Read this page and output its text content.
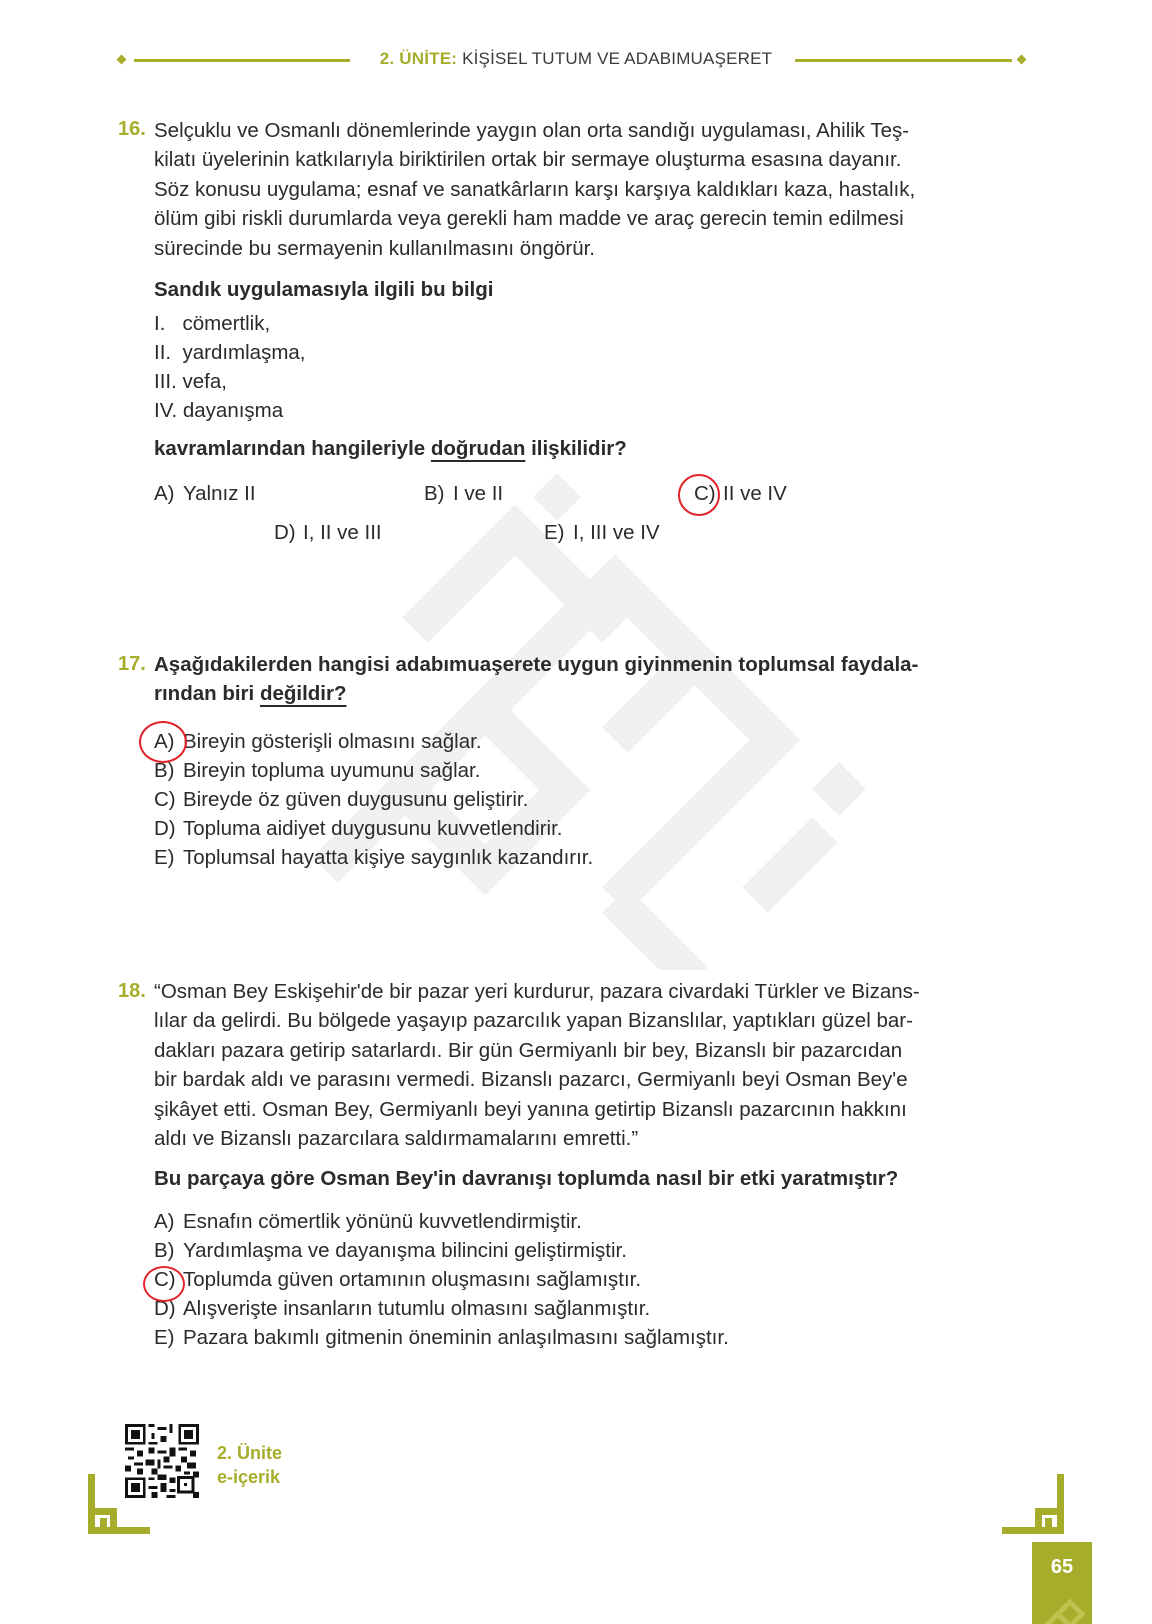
2. ÜNİTE: KİŞİSEL TUTUM VE ADABIMUAŞERET
16. Selçuklu ve Osmanlı dönemlerinde yaygın olan orta sandığı uygulaması, Ahilik Teş-
kilatı üyelerinin katkılarıyla biriktirilen ortak bir sermaye oluşturma esasına dayanır.
Söz konusu uygulama; esnaf ve sanatkârların karşı karşıya kaldıkları kaza, hastalık,
ölüm gibi riskli durumlarda veya gerekli ham madde ve araç gerecin temin edilmesi
sürecinde bu sermayenin kullanılmasını öngörür.
Sandık uygulamasıyla ilgili bu bilgi
I.   cömertlik,
II.  yardımlaşma,
III. vefa,
IV. dayanışma
kavramlarından hangileriyle doğrudan ilişkilidir?
A) Yalnız II	B) I ve II	C) II ve IV
D) I, II ve III	E) I, III ve IV
17. Aşağıdakilerden hangisi adabımuaşerete uygun giyinmenin toplumsal faydala-
rından biri değildir?
A) Bireyin gösterişli olmasını sağlar.
B) Bireyin topluma uyumunu sağlar.
C) Bireyde öz güven duygusunu geliştirir.
D) Topluma aidiyet duygusunu kuvvetlendirir.
E) Toplumsal hayatta kişiye saygınlık kazandırır.
18. “Osman Bey Eskişehir'de bir pazar yeri kurdurur, pazara civardaki Türkler ve Bizans-
lılar da gelirdi. Bu bölgede yaşayıp pazarcılık yapan Bizanslılar, yaptıkları güzel bar-
dakları pazara getirip satarlardı. Bir gün Germiyanlı bir bey, Bizanslı bir pazarcıdan
bir bardak aldı ve parasını vermedi. Bizanslı pazarcı, Germiyanlı beyi Osman Bey'e
şikâyet etti. Osman Bey, Germiyanlı beyi yanına getirtip Bizanslı pazarcının hakkını
aldı ve Bizanslı pazarcılara saldırmamalarını emretti.”
Bu parçaya göre Osman Bey'in davranışı toplumda nasıl bir etki yaratmıştır?
A) Esnafın cömertlik yönünü kuvvetlendirmiştir.
B) Yardımlaşma ve dayanışma bilincini geliştirmiştir.
C) Toplumda güven ortamının oluşmasını sağlamıştır.
D) Alışverişte insanların tutumlu olmasını sağlanmıştır.
E) Pazara bakımlı gitmenin öneminin anlaşılmasını sağlamıştır.
2. Ünite
e-içerik
65
